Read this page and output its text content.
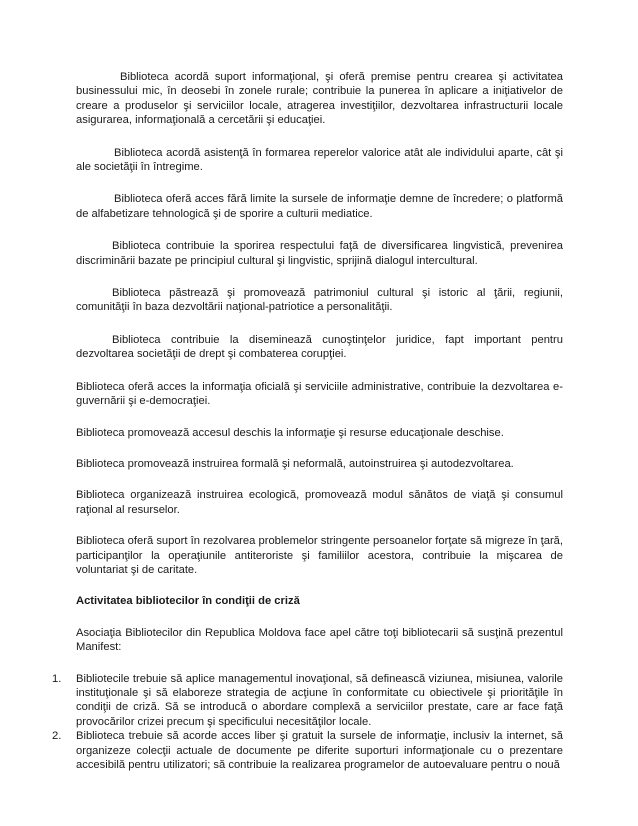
Biblioteca acordă suport informaţional, şi oferă premise pentru crearea şi activitatea businessului mic, în deosebi în zonele rurale; contribuie la punerea în aplicare a iniţiativelor de creare a produselor şi serviciilor locale, atragerea investiţiilor, dezvoltarea infrastructurii locale asigurarea, informaţională a cercetării şi educaţiei.

Biblioteca acordă asistenţă în formarea reperelor valorice atât ale individului aparte, cât şi ale societăţii în întregime.

Biblioteca oferă acces fără limite la sursele de informaţie demne de încredere; o platformă de alfabetizare tehnologică şi de sporire a culturii mediatice.

Biblioteca contribuie la sporirea respectului faţă de diversificarea lingvistică, prevenirea discriminării bazate pe principiul cultural şi lingvistic, sprijină dialogul intercultural.

Biblioteca păstrează şi promovează patrimoniul cultural şi istoric al ţării, regiunii, comunităţii în baza dezvoltării naţional-patriotice a personalităţii.

Biblioteca contribuie la diseminează cunoştinţelor juridice, fapt important pentru dezvoltarea societăţii de drept şi combaterea corupţiei.

Biblioteca oferă acces la informaţia oficială şi serviciile administrative, contribuie la dezvoltarea e-guvernării şi e-democraţiei.

Biblioteca promovează accesul deschis la informaţie şi resurse educaţionale deschise.

Biblioteca promovează instruirea formală şi neformală, autoinstruirea şi autodezvoltarea.

Biblioteca organizează instruirea ecologică, promovează modul sănătos de viaţă şi consumul raţional al resurselor.

Biblioteca oferă suport în rezolvarea problemelor stringente persoanelor forţate să migreze în ţară, participanţilor la operaţiunile antiteroriste şi familiilor acestora, contribuie la mişcarea de voluntariat şi de caritate.

Activitatea bibliotecilor în condiţii de criză

Asociaţia Bibliotecilor din Republica Moldova face apel către toţi bibliotecarii să susţină prezentul Manifest:

1. Bibliotecile trebuie să aplice managementul inovaţional, să definească viziunea, misiunea, valorile instituţionale şi să elaboreze strategia de acţiune în conformitate cu obiectivele şi priorităţile în condiţii de criză. Să se introducă o abordare complexă a serviciilor prestate, care ar face faţă provocărilor crizei precum şi specificului necesităţilor locale.
2. Biblioteca trebuie să acorde acces liber şi gratuit la sursele de informaţie, inclusiv la internet, să organizeze colecţii actuale de documente pe diferite suporturi informaţionale cu o prezentare accesibilă pentru utilizatori; să contribuie la realizarea programelor de autoevaluare pentru o nouă
